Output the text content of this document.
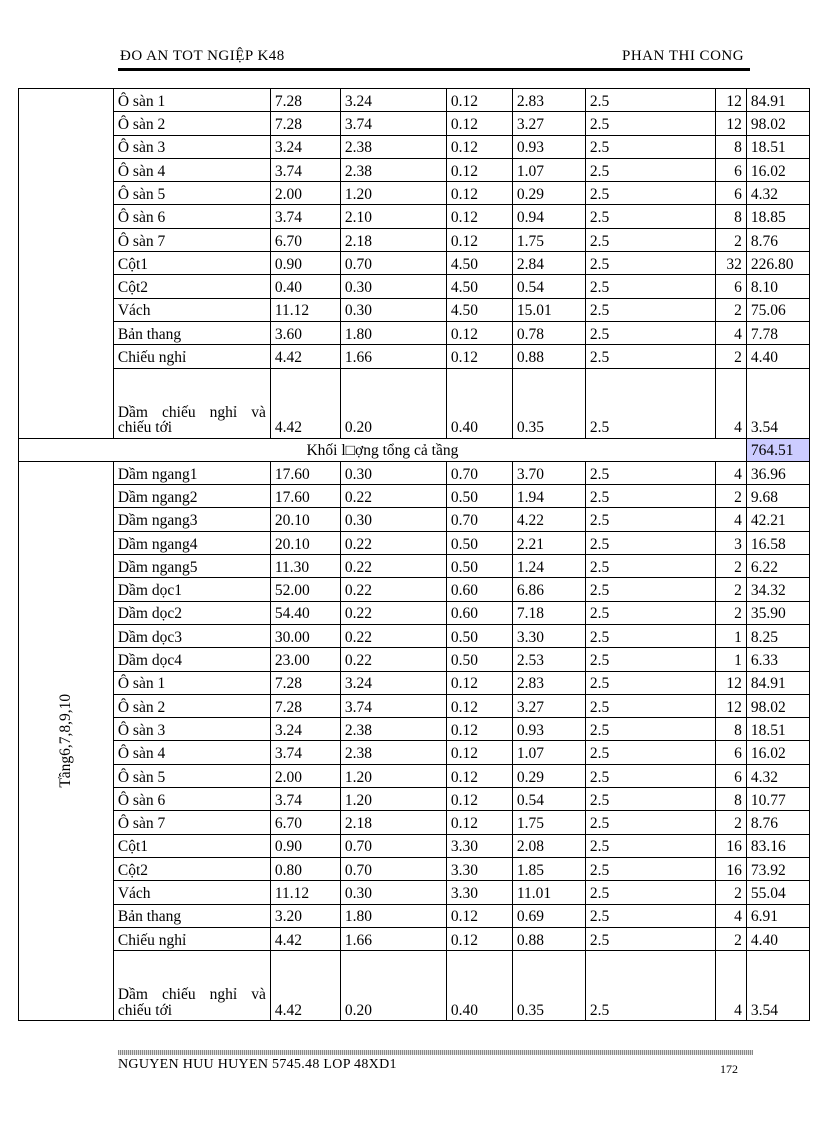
ĐO AN TOT NGIỆP K48	PHAN THI CONG
	Ô sàn 1	7.28	3.24	0.12	2.83	2.5	12	84.91
	Ô sàn 2	7.28	3.74	0.12	3.27	2.5	12	98.02
	Ô sàn 3	3.24	2.38	0.12	0.93	2.5	8	18.51
	Ô sàn 4	3.74	2.38	0.12	1.07	2.5	6	16.02
	Ô sàn 5	2.00	1.20	0.12	0.29	2.5	6	4.32
	Ô sàn 6	3.74	2.10	0.12	0.94	2.5	8	18.85
	Ô sàn 7	6.70	2.18	0.12	1.75	2.5	2	8.76
	Cột1	0.90	0.70	4.50	2.84	2.5	32	226.80
	Cột2	0.40	0.30	4.50	0.54	2.5	6	8.10
	Vách	11.12	0.30	4.50	15.01	2.5	2	75.06
	Bản thang	3.60	1.80	0.12	0.78	2.5	4	7.78
	Chiếu nghỉ	4.42	1.66	0.12	0.88	2.5	2	4.40
	Dầm chiếu nghỉ và chiếu tới	4.42	0.20	0.40	0.35	2.5	4	3.54
Khối l□ợng tổng cả tầng								764.51
Tầng6,7,8,9,10	Dầm ngang1	17.60	0.30	0.70	3.70	2.5	4	36.96
	Dầm ngang2	17.60	0.22	0.50	1.94	2.5	2	9.68
	Dầm ngang3	20.10	0.30	0.70	4.22	2.5	4	42.21
	Dầm ngang4	20.10	0.22	0.50	2.21	2.5	3	16.58
	Dầm ngang5	11.30	0.22	0.50	1.24	2.5	2	6.22
	Dầm dọc1	52.00	0.22	0.60	6.86	2.5	2	34.32
	Dầm dọc2	54.40	0.22	0.60	7.18	2.5	2	35.90
	Dầm dọc3	30.00	0.22	0.50	3.30	2.5	1	8.25
	Dầm dọc4	23.00	0.22	0.50	2.53	2.5	1	6.33
	Ô sàn 1	7.28	3.24	0.12	2.83	2.5	12	84.91
	Ô sàn 2	7.28	3.74	0.12	3.27	2.5	12	98.02
	Ô sàn 3	3.24	2.38	0.12	0.93	2.5	8	18.51
	Ô sàn 4	3.74	2.38	0.12	1.07	2.5	6	16.02
	Ô sàn 5	2.00	1.20	0.12	0.29	2.5	6	4.32
	Ô sàn 6	3.74	1.20	0.12	0.54	2.5	8	10.77
	Ô sàn 7	6.70	2.18	0.12	1.75	2.5	2	8.76
	Cột1	0.90	0.70	3.30	2.08	2.5	16	83.16
	Cột2	0.80	0.70	3.30	1.85	2.5	16	73.92
	Vách	11.12	0.30	3.30	11.01	2.5	2	55.04
	Bản thang	3.20	1.80	0.12	0.69	2.5	4	6.91
	Chiếu nghỉ	4.42	1.66	0.12	0.88	2.5	2	4.40
	Dầm chiếu nghỉ và chiếu tới	4.42	0.20	0.40	0.35	2.5	4	3.54
NGUYEN HUU HUYEN 5745.48 LOP 48XD1	172
